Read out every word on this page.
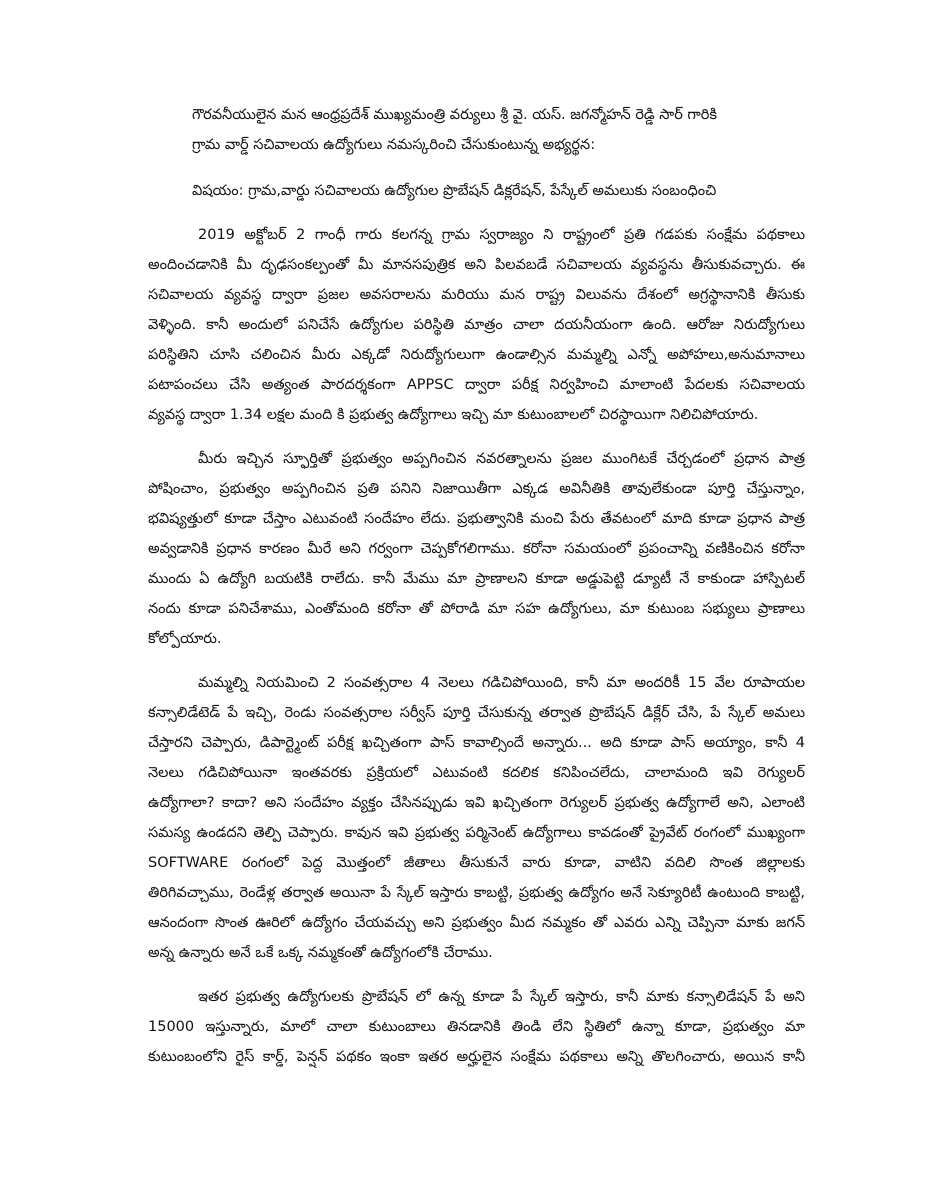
గౌరవనీయులైన మన ఆంధ్రప్రదేశ్ ముఖ్యమంత్రి వర్యులు శ్రీ వై. యస్. జగన్మోహన్ రెడ్డి సార్ గారికి
గ్రామ వార్డ్ సచివాలయ ఉద్యోగులు నమస్కరించి చేసుకుంటున్న అభ్యర్థన:
విషయం: గ్రామ,వార్డు సచివాలయ ఉద్యోగుల ప్రొబేషన్ డిక్లరేషన్, పేస్కేల్ అమలుకు సంబంధించి
2019 అక్టోబర్ 2 గాంధీ గారు కలగన్న గ్రామ స్వరాజ్యం ని రాష్ట్రంలో ప్రతి గడపకు సంక్షేమ పథకాలు
అందించడానికి మీ దృఢసంకల్పంతో మీ మానసపుత్రిక అని పిలవబడే సచివాలయ వ్యవస్థను తీసుకువచ్చారు. ఈ
సచివాలయ వ్యవస్థ ద్వారా ప్రజల అవసరాలను మరియు మన రాష్ట్ర విలువను దేశంలో అగ్రస్థానానికి తీసుకు
వెళ్ళింది. కానీ అందులో పనిచేసే ఉద్యోగుల పరిస్థితి మాత్రం చాలా దయనీయంగా ఉంది. ఆరోజు నిరుద్యోగులు
పరిస్థితిని చూసి చలించిన మీరు ఎక్కడో నిరుద్యోగులుగా ఉండాల్సిన మమ్మల్ని ఎన్నో అపోహలు,అనుమానాలు
పటాపంచలు చేసి అత్యంత పారదర్శకంగా APPSC ద్వారా పరీక్ష నిర్వహించి మాలాంటి పేదలకు సచివాలయ
వ్యవస్థ ద్వారా 1.34 లక్షల మంది కి ప్రభుత్వ ఉద్యోగాలు ఇచ్చి మా కుటుంబాలలో చిరస్థాయిగా నిలిచిపోయారు.
మీరు ఇచ్చిన స్ఫూర్తితో ప్రభుత్వం అప్పగించిన నవరత్నాలను ప్రజల ముంగిటకే చేర్చడంలో ప్రధాన పాత్ర
పోషించాం, ప్రభుత్వం అప్పగించిన ప్రతి పనిని నిజాయితీగా ఎక్కడ అవినీతికి తావులేకుండా పూర్తి చేస్తున్నాం,
భవిష్యత్తులో కూడా చేస్తాం ఎటువంటి సందేహం లేదు. ప్రభుత్వానికి మంచి పేరు తేవటంలో మాది కూడా ప్రధాన పాత్ర
అవ్వడానికి ప్రధాన కారణం మీరే అని గర్వంగా చెప్పకోగలిగాము. కరోనా సమయంలో ప్రపంచాన్ని వణికించిన కరోనా
ముందు ఏ ఉద్యోగి బయటికి రాలేదు. కానీ మేము మా ప్రాణాలని కూడా అడ్డుపెట్టి డ్యూటీ నే కాకుండా హాస్పిటల్
నందు కూడా పనిచేశాము, ఎంతోమంది కరోనా తో పోరాడి మా సహ ఉద్యోగులు, మా కుటుంబ సభ్యులు ప్రాణాలు
కోల్పోయారు.
మమ్మల్ని నియమించి 2 సంవత్సరాల 4 నెలలు గడిచిపోయింది, కానీ మా అందరికీ 15 వేల రూపాయల
కన్సాలిడేటెడ్ పే ఇచ్చి, రెండు సంవత్సరాల సర్వీస్ పూర్తి చేసుకున్న తర్వాత ప్రొబేషన్ డిక్లేర్ చేసి, పే స్కేల్ అమలు
చేస్తారని చెప్పారు, డిపార్ట్మెంట్ పరీక్ష ఖచ్చితంగా పాస్ కావాల్సిందే అన్నారు... అది కూడా పాస్ అయ్యాం, కానీ 4
నెలలు గడిచిపోయినా ఇంతవరకు ప్రక్రియలో ఎటువంటి కదలిక కనిపించలేదు, చాలామంది ఇవి రెగ్యులర్
ఉద్యోగాలా? కాదా? అని సందేహం వ్యక్తం చేసినప్పుడు ఇవి ఖచ్చితంగా రెగ్యులర్ ప్రభుత్వ ఉద్యోగాలే అని, ఎలాంటి
సమస్య ఉండదని తెల్పి చెప్పారు. కావున ఇవి ప్రభుత్వ పర్మినెంట్ ఉద్యోగాలు కావడంతో ప్రైవేట్ రంగంలో ముఖ్యంగా
SOFTWARE రంగంలో పెద్ద మొత్తంలో జీతాలు తీసుకునే వారు కూడా, వాటిని వదిలి సొంత జిల్లాలకు
తిరిగివచ్చాము, రెండేళ్ల తర్వాత అయినా పే స్కేల్ ఇస్తారు కాబట్టి, ప్రభుత్వ ఉద్యోగం అనే సెక్యూరిటీ ఉంటుంది కాబట్టి,
ఆనందంగా సొంత ఊరిలో ఉద్యోగం చేయవచ్చు అని ప్రభుత్వం మీద నమ్మకం తో ఎవరు ఎన్ని చెప్పినా మాకు జగన్
అన్న ఉన్నారు అనే ఒకే ఒక్క నమ్మకంతో ఉద్యోగంలోకి చేరాము.
ఇతర ప్రభుత్వ ఉద్యోగులకు ప్రొబేషన్ లో ఉన్న కూడా పే స్కేల్ ఇస్తారు, కానీ మాకు కన్సాలిడేషన్ పే అని
15000 ఇస్తున్నారు, మాలో చాలా కుటుంబాలు తినడానికి తిండి లేని స్థితిలో ఉన్నా కూడా, ప్రభుత్వం మా
కుటుంబంలోని రైస్ కార్డ్, పెన్షన్ పథకం ఇంకా ఇతర అర్హులైన సంక్షేమ పథకాలు అన్ని తొలగించారు, అయిన కానీ
